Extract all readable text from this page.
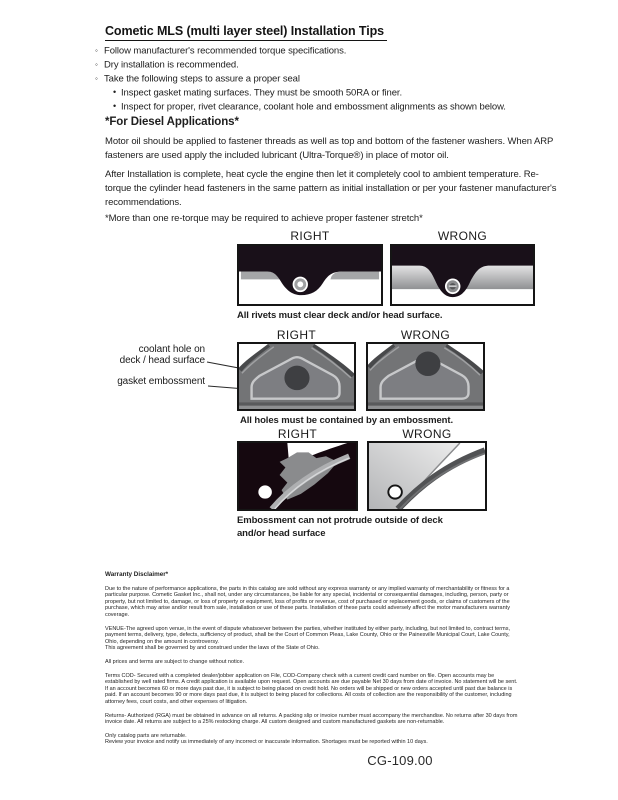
Cometic MLS (multi layer steel) Installation Tips
◦ Follow manufacturer's recommended torque specifications.
◦ Dry installation is recommended.
◦ Take the following steps to assure a proper seal
• Inspect gasket mating surfaces. They must be smooth 50RA or finer.
• Inspect for proper, rivet clearance, coolant hole and embossment alignments as shown below.
*For Diesel Applications*

Motor oil should be applied to fastener threads as well as top and bottom of the fastener washers. When ARP fasteners are used apply the included lubricant (Ultra-Torque®) in place of motor oil.

After Installation is complete, heat cycle the engine then let it completely cool to ambient temperature. Re-torque the cylinder head fasteners in the same pattern as initial installation or per your fastener manufacturer's recommendations.

*More than one re-torque may be required to achieve proper fastener stretch*

RIGHT	WRONG
All rivets must clear deck and/or head surface.
RIGHT	WRONG
coolant hole on
deck / head surface
gasket embossment
All holes must be contained by an embossment.
RIGHT	WRONG
Embossment can not protrude outside of deck
and/or head surface
Warranty Disclaimer*

Due to the nature of performance applications, the parts in this catalog are sold without any express warranty or any implied warranty of merchantability or fitness for a particular purpose. Cometic Gasket Inc., shall not, under any circumstances, be liable for any special, incidental or consequential damages, including, person, party or property, but not limited to, damage, or loss of property or equipment, loss of profits or revenue, cost of purchased or replacement goods, or claims of customers of the purchase, which may arise and/or result from sale, installation or use of these parts. Installation of these parts could adversely affect the motor manufacturers warranty coverage.

VENUE-The agreed upon venue, in the event of dispute whatsoever between the parties, whether instituted by either party, including, but not limited to, contract terms, payment terms, delivery, type, defects, sufficiency of product, shall be the Court of Common Pleas, Lake County, Ohio or the Painesville Municipal Court, Lake County, Ohio, depending on the amount in controversy.

This agreement shall be governed by and construed under the laws of the State of Ohio.

All prices and terms are subject to change without notice.

Terms COD- Secured with a completed dealer/jobber application on File, COD-Company check with a current credit card number on file. Open accounts may be established by well rated firms. A credit application is available upon request. Open accounts are due payable Net 30 days from date of invoice. No statement will be sent. If an account becomes 60 or more days past due, it is subject to being placed on credit hold. No orders will be shipped or new orders accepted until past due balance is paid. If an account becomes 90 or more days past due, it is subject to being placed for collections. All costs of collection are the responsibility of the customer, including attorney fees, court costs, and other expenses of litigation.

Returns- Authorized (RGA) must be obtained in advance on all returns. A packing slip or invoice number must accompany the merchandise. No returns after 30 days from invoice date. All returns are subject to a 25% restocking charge. All custom designed and custom manufactured gaskets are non-returnable.

Only catalog parts are returnable.

Review your invoice and notify us immediately of any incorrect or inaccurate information. Shortages must be reported within 10 days.

CG-109.00
